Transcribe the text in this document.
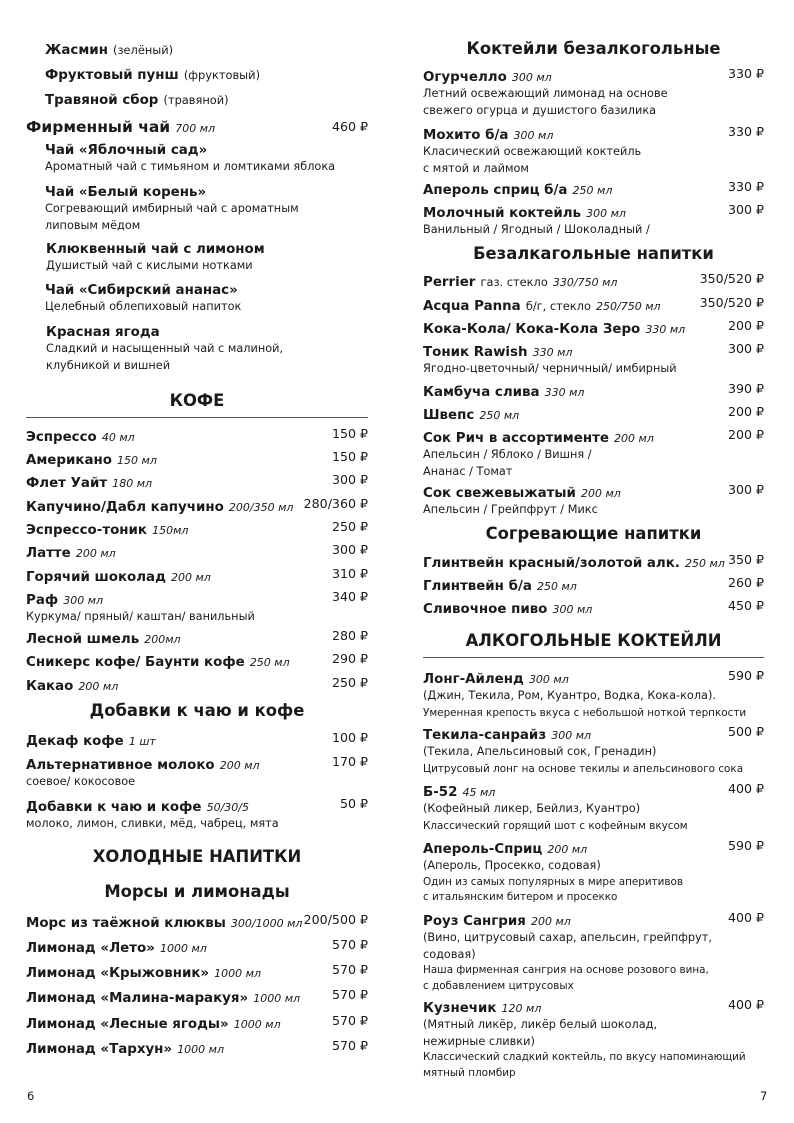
Жасмин (зелёный)
Фруктовый пунш (фруктовый)
Травяной сбор (травяной)
Фирменный чай 700 мл	460 ₽
Чай «Яблочный сад»
Ароматный чай с тимьяном и ломтиками яблока
Чай «Белый корень»
Согревающий имбирный чай с ароматным
липовым мёдом
Клюквенный чай с лимоном
Душистый чай с кислыми нотками
Чай «Сибирский ананас»
Целебный облепиховый напиток
Красная ягода
Сладкий и насыщенный чай с малиной,
клубникой и вишней
КОФЕ
Эспрессо 40 мл	150 ₽
Американо 150 мл	150 ₽
Флет Уайт 180 мл	300 ₽
Капучино/Дабл капучино 200/350 мл 280/360 ₽
Эспрессо-тоник 150мл	250 ₽
Латте 200 мл	300 ₽
Горячий шоколад 200 мл	310 ₽
Раф 300 мл	340 ₽
Куркума/ пряный/ каштан/ ванильный
Лесной шмель 200мл	280 ₽
Сникерс кофе/ Баунти кофе 250 мл	290 ₽
Какао 200 мл	250 ₽
Добавки к чаю и кофе
Декаф кофе 1 шт	100 ₽
Альтернативное молоко 200 мл	170 ₽
соевое/ кокосовое
Добавки к чаю и кофе 50/30/5	50 ₽
молоко, лимон, сливки, мёд, чабрец, мята
ХОЛОДНЫЕ НАПИТКИ
Морсы и лимонады
Морс из таёжной клюквы 300/1000 мл 200/500 ₽
Лимонад «Лето» 1000 мл	570 ₽
Лимонад «Крыжовник» 1000 мл	570 ₽
Лимонад «Малина-маракуя» 1000 мл	570 ₽
Лимонад «Лесные ягоды» 1000 мл	570 ₽
Лимонад «Тархун» 1000 мл	570 ₽
Коктейли безалкогольные
Огурчелло 300 мл	330 ₽
Летний освежающий лимонад на основе
свежего огурца и душистого базилика
Мохито б/а 300 мл	330 ₽
Класический освежающий коктейль
с мятой и лаймом
Апероль сприц б/а 250 мл	330 ₽
Молочный коктейль 300 мл	300 ₽
Ванильный / Ягодный / Шоколадный /
Безалкагольные напитки
Perrier газ. стекло 330/750 мл	350/520 ₽
Acqua Panna б/г, стекло 250/750 мл	350/520 ₽
Кока-Кола/ Кока-Кола Зеро 330 мл	200 ₽
Тоник Rawish 330 мл	300 ₽
Ягодно-цветочный/ черничный/ имбирный
Камбуча слива 330 мл	390 ₽
Швепс 250 мл	200 ₽
Сок Рич в ассортименте 200 мл	200 ₽
Апельсин / Яблоко / Вишня /
Ананас / Томат
Сок свежевыжатый 200 мл	300 ₽
Апельсин / Грейпфрут / Микс
Согревающие напитки
Глинтвейн красный/золотой алк. 250 мл 350 ₽
Глинтвейн б/а 250 мл	260 ₽
Сливочное пиво 300 мл	450 ₽
АЛКОГОЛЬНЫЕ КОКТЕЙЛИ
Лонг-Айленд 300 мл	590 ₽
(Джин, Текила, Ром, Куантро, Водка, Кока-кола).
Умеренная крепость вкуса с небольшой ноткой терпкости
Текила-санрайз 300 мл	500 ₽
(Текила, Апельсиновый сок, Гренадин)
Цитрусовый лонг на основе текилы и апельсинового сока
Б-52 45 мл	400 ₽
(Кофейный ликер, Бейлиз, Куантро)
Классический горящий шот с кофейным вкусом
Апероль-Сприц 200 мл	590 ₽
(Апероль, Просекко, содовая)
Один из самых популярных в мире аперитивов
с итальянским битером и просекко
Роуз Сангрия 200 мл	400 ₽
(Вино, цитрусовый сахар, апельсин, грейпфрут,
содовая)
Наша фирменная сангрия на основе розового вина,
с добавлением цитрусовых
Кузнечик 120 мл	400 ₽
(Мятный ликёр, ликёр белый шоколад,
нежирные сливки)
Классический сладкий коктейль, по вкусу напоминающий
мятный пломбир
6	7
